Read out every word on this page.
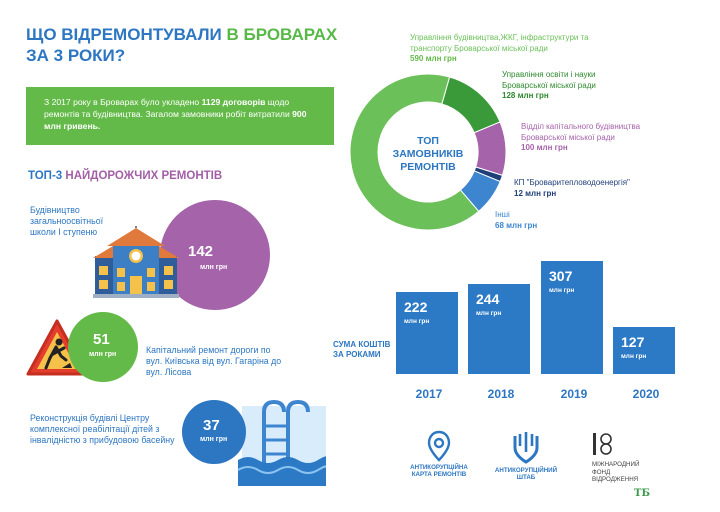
ЩО ВІДРЕМОНТУВАЛИ В БРОВАРАХ
ЗА 3 РОКИ?
З 2017 року в Броварах було укладено 1129 договорів щодо ремонтів та будівництва. Загалом замовники робіт витратили 900 млн гривень.
ТОП-3 НАЙДОРОЖЧИХ РЕМОНТІВ
Будівництво загальноосвітньої школи І ступеню
142
млн грн
51
млн грн	Капітальний ремонт дороги по вул. Київська від вул. Гагаріна до вул. Лісова
Реконструкція будівлі Центру комплексної реабілітації дітей з інвалідністю з прибудовою басейну
37
млн грн
ТОП ЗАМОВНИКІВ РЕМОНТІВ
Управління будівництва,ЖКГ, інфраструктури та транспорту Броварської міської ради
590 млн грн
Управління освіти і науки Броварської міської ради
128 млн грн
Відділ капітального будівництва Броварської міської ради
100 млн грн
КП "Броваритепловодоенергія"
12 млн грн
Інші
68 млн грн
СУМА КОШТІВ ЗА РОКАМИ
222
млн грн
2017
244
млн грн
2018
307
млн грн
2019
127
млн грн
2020
АНТИКОРУПЦІЙНА КАРТА РЕМОНТІВ
АНТИКОРУПЦІЙНИЙ ШТАБ
МІЖНАРОДНИЙ ФОНД ВІДРОДЖЕННЯ
ТБ
